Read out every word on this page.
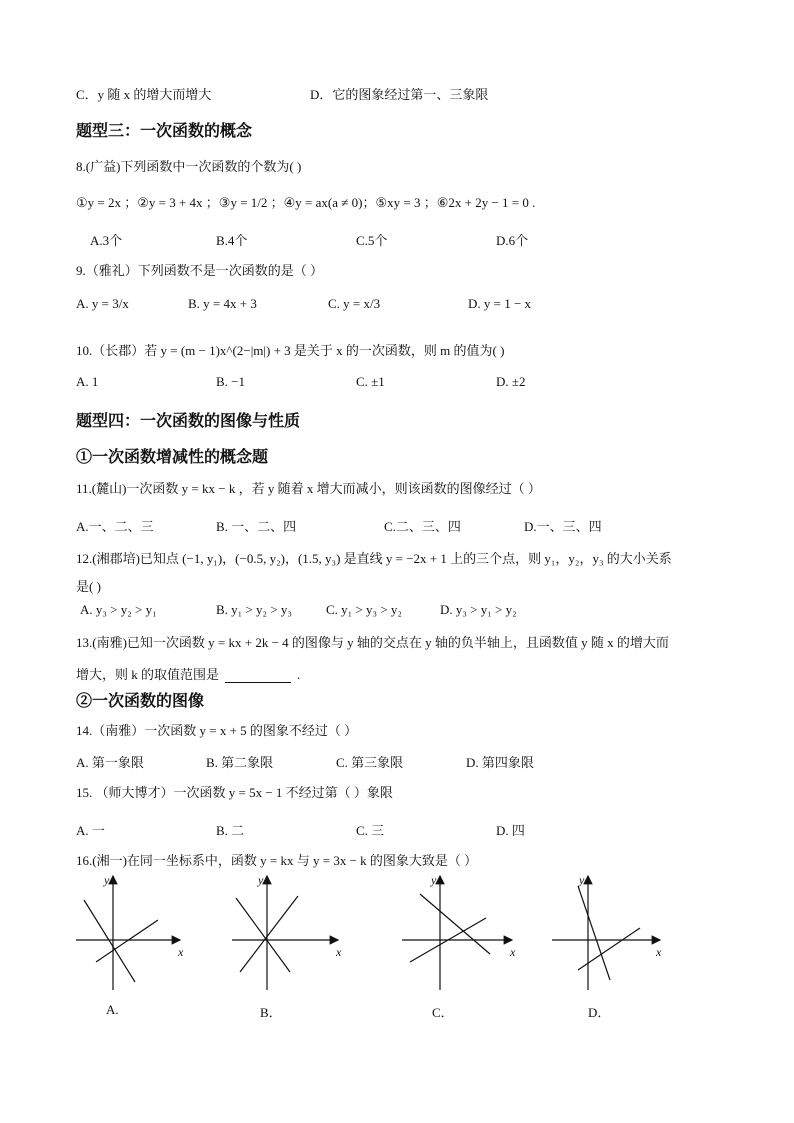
C．y 随 x 的增大而增大	D．它的图象经过第一、三象限
题型三：一次函数的概念
8.(广益)下列函数中一次函数的个数为( )
①y = 2x ；②y = 3 + 4x ；③y = 1/2 ；④y = ax(a ≠ 0)；⑤xy = 3 ；⑥2x + 2y − 1 = 0 .
A.3个	B.4个	C.5个	D.6个
9.（雅礼）下列函数不是一次函数的是（ ）
A. y = 3/x	B. y = 4x + 3	C. y = x/3	D. y = 1 − x
10.（长郡）若 y = (m − 1)x^(2−|m|) + 3 是关于 x 的一次函数，则 m 的值为( )
A. 1	B. −1	C. ±1	D. ±2
题型四：一次函数的图像与性质
①一次函数增减性的概念题
11.(麓山)一次函数 y = kx − k ，若 y 随着 x 增大而减小，则该函数的图像经过（ ）
A.一、二、三	B. 一、二、四	C.二、三、四	D.一、三、四
12.(湘郡培)已知点 (−1, y₁)，(−0.5, y₂)，(1.5, y₃) 是直线 y = −2x + 1 上的三个点，则 y₁，y₂，y₃ 的大小关系
是( )
A. y₃ > y₂ > y₁	B. y₁ > y₂ > y₃	C. y₁ > y₃ > y₂	D. y₃ > y₁ > y₂
13.(南雅)已知一次函数 y = kx + 2k − 4 的图像与 y 轴的交点在 y 轴的负半轴上，且函数值 y 随 x 的增大而
增大，则 k 的取值范围是	.
②一次函数的图像
14.（南雅）一次函数 y = x + 5 的图象不经过（ ）
A. 第一象限	B. 第二象限	C. 第三象限	D. 第四象限
15. （师大博才）一次函数 y = 5x − 1 不经过第（ ）象限
A. 一	B. 二	C. 三	D. 四
16.(湘一)在同一坐标系中，函数 y = kx 与 y = 3x − k 的图象大致是（ ）
y
x
y
x
y
x
y
x
A.	B．	C．	D．
